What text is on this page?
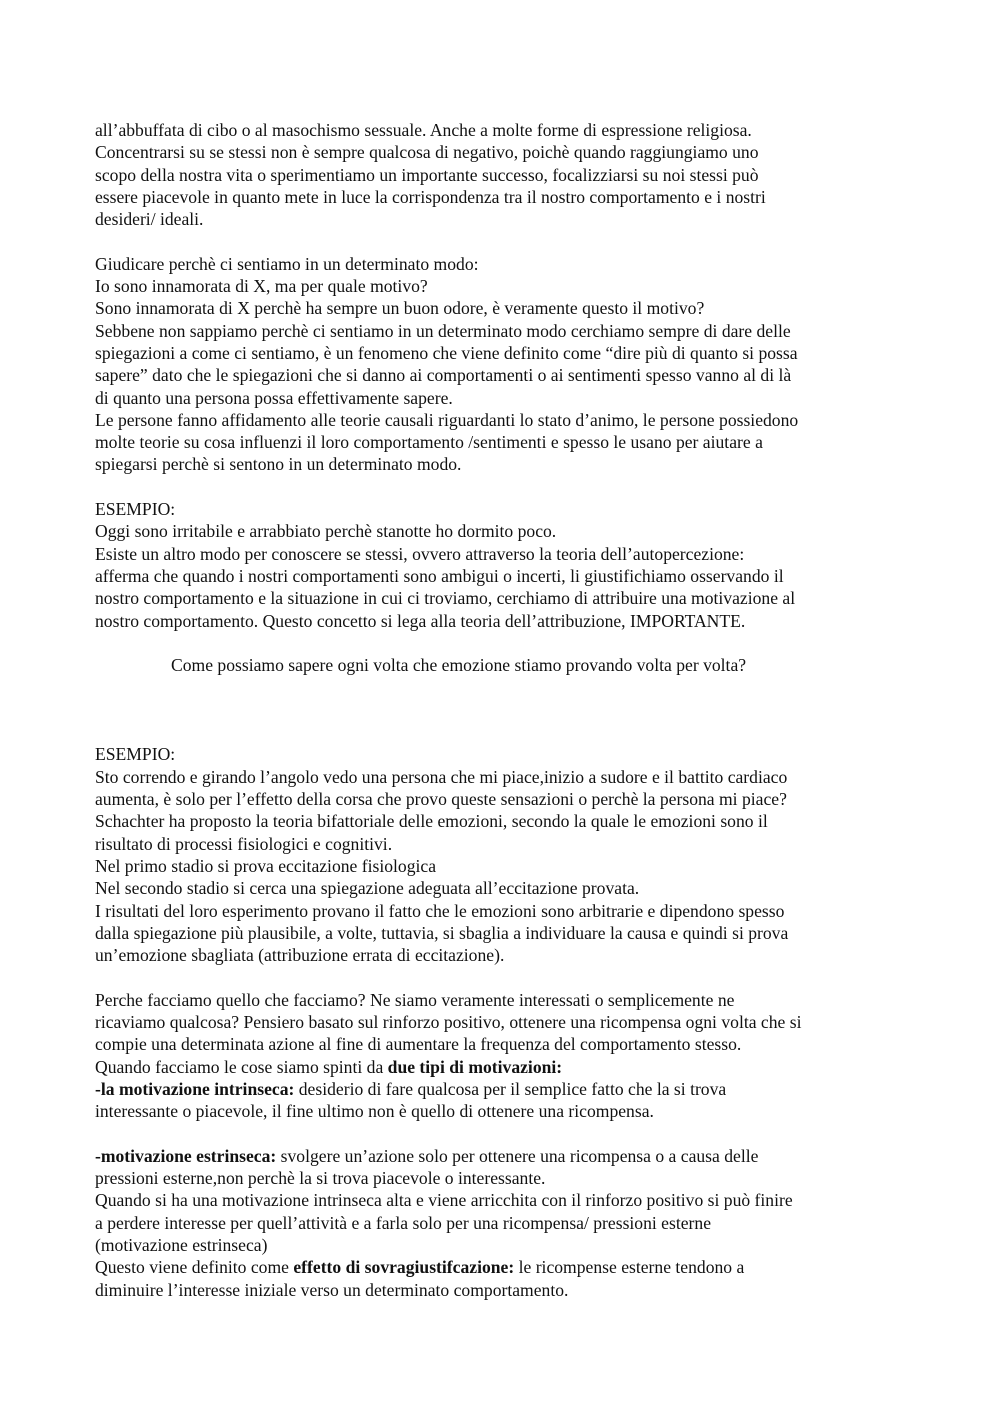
all’abbuffata di cibo o al masochismo sessuale. Anche a molte forme di espressione religiosa.
Concentrarsi su se stessi non è sempre qualcosa di negativo, poichè quando raggiungiamo uno
scopo della nostra vita o sperimentiamo un importante successo, focalizziarsi su noi stessi può
essere piacevole in quanto mete in luce la corrispondenza tra il nostro comportamento e i nostri
desideri/ ideali.
Giudicare perchè ci sentiamo in un determinato modo:
Io sono innamorata di X, ma per quale motivo?
Sono innamorata di X perchè ha sempre un buon odore, è veramente questo il motivo?
Sebbene non sappiamo perchè ci sentiamo in un determinato modo cerchiamo sempre di dare delle
spiegazioni a come ci sentiamo, è un fenomeno che viene definito come “dire più di quanto si possa
sapere” dato che le spiegazioni che si danno ai comportamenti o ai sentimenti spesso vanno al di là
di quanto una persona possa effettivamente sapere.
Le persone fanno affidamento alle teorie causali riguardanti lo stato d’animo, le persone possiedono
molte teorie su cosa influenzi il loro comportamento /sentimenti e spesso le usano per aiutare a
spiegarsi perchè si sentono in un determinato modo.
ESEMPIO:
Oggi sono irritabile e arrabbiato perchè stanotte ho dormito poco.
Esiste un altro modo per conoscere se stessi, ovvero attraverso la teoria dell’autopercezione:
afferma che quando i nostri comportamenti sono ambigui o incerti, li giustifichiamo osservando il
nostro comportamento e la situazione in cui ci troviamo, cerchiamo di attribuire una motivazione al
nostro comportamento. Questo concetto si lega alla teoria dell’attribuzione, IMPORTANTE.
Come possiamo sapere ogni volta che emozione stiamo provando volta per volta?
ESEMPIO:
Sto correndo e girando l’angolo vedo una persona che mi piace,inizio a sudore e il battito cardiaco
aumenta, è solo per l’effetto della corsa che provo queste sensazioni o perchè la persona mi piace?
Schachter ha proposto la teoria bifattoriale delle emozioni, secondo la quale le emozioni sono il
risultato di processi fisiologici e cognitivi.
Nel primo stadio si prova eccitazione fisiologica
Nel secondo stadio si cerca una spiegazione adeguata all’eccitazione provata.
I risultati del loro esperimento provano il fatto che le emozioni sono arbitrarie e dipendono spesso
dalla spiegazione più plausibile, a volte, tuttavia, si sbaglia a individuare la causa e quindi si prova
un’emozione sbagliata (attribuzione errata di eccitazione).
Perche facciamo quello che facciamo? Ne siamo veramente interessati o semplicemente ne
ricaviamo qualcosa? Pensiero basato sul rinforzo positivo, ottenere una ricompensa ogni volta che si
compie una determinata azione al fine di aumentare la frequenza del comportamento stesso.
Quando facciamo le cose siamo spinti da due tipi di motivazioni:
-la motivazione intrinseca: desiderio di fare qualcosa per il semplice fatto che la si trova
interessante o piacevole, il fine ultimo non è quello di ottenere una ricompensa.
-motivazione estrinseca: svolgere un’azione solo per ottenere una ricompensa o a causa delle
pressioni esterne,non perchè la si trova piacevole o interessante.
Quando si ha una motivazione intrinseca alta e viene arricchita con il rinforzo positivo si può finire
a perdere interesse per quell’attività e a farla solo per una ricompensa/ pressioni esterne
(motivazione estrinseca)
Questo viene definito come effetto di sovragiustifcazione: le ricompense esterne tendono a
diminuire l’interesse iniziale verso un determinato comportamento.
